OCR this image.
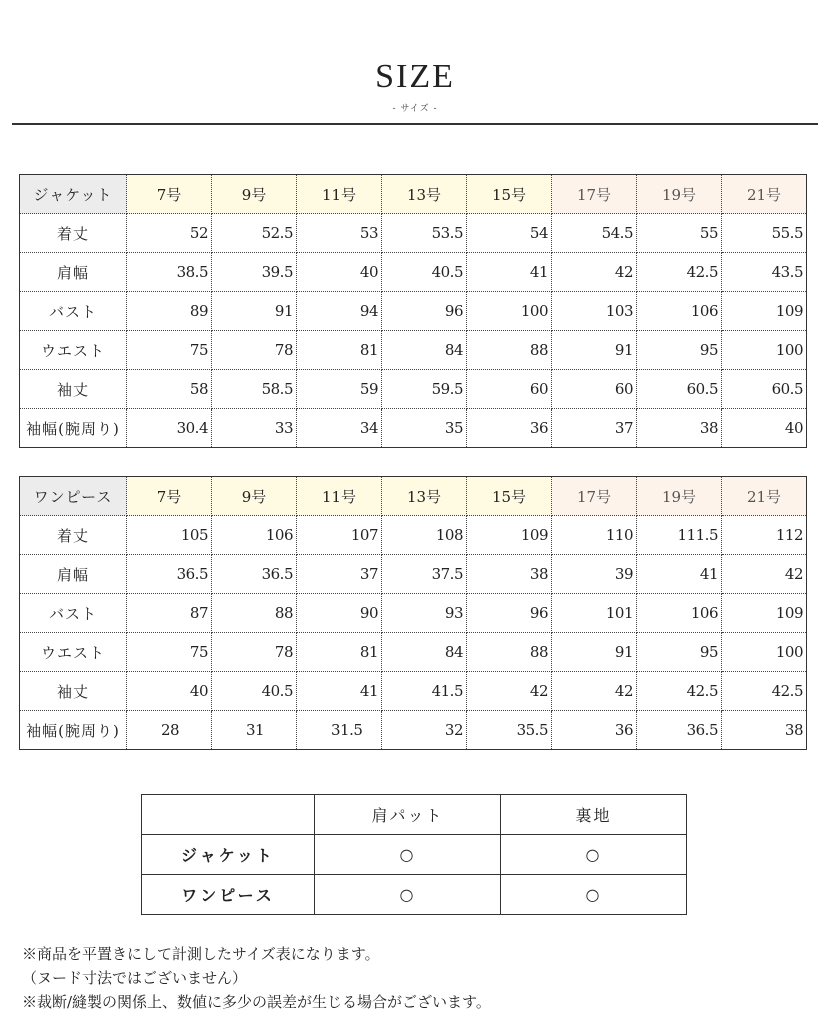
SIZE
- サイズ -
ジャケット	7号	9号	11号	13号	15号	17号	19号	21号
着丈	52	52.5	53	53.5	54	54.5	55	55.5
肩幅	38.5	39.5	40	40.5	41	42	42.5	43.5
バスト	89	91	94	96	100	103	106	109
ウエスト	75	78	81	84	88	91	95	100
袖丈	58	58.5	59	59.5	60	60	60.5	60.5
袖幅(腕周り)	30.4	33	34	35	36	37	38	40
ワンピース	7号	9号	11号	13号	15号	17号	19号	21号
着丈	105	106	107	108	109	110	111.5	112
肩幅	36.5	36.5	37	37.5	38	39	41	42
バスト	87	88	90	93	96	101	106	109
ウエスト	75	78	81	84	88	91	95	100
袖丈	40	40.5	41	41.5	42	42	42.5	42.5
袖幅(腕周り)	28	31	31.5	32	35.5	36	36.5	38
	肩パット	裏地
ジャケット	○	○
ワンピース	○	○
※商品を平置きにして計測したサイズ表になります。
（ヌード寸法ではございません）
※裁断/縫製の関係上、数値に多少の誤差が生じる場合がございます。
